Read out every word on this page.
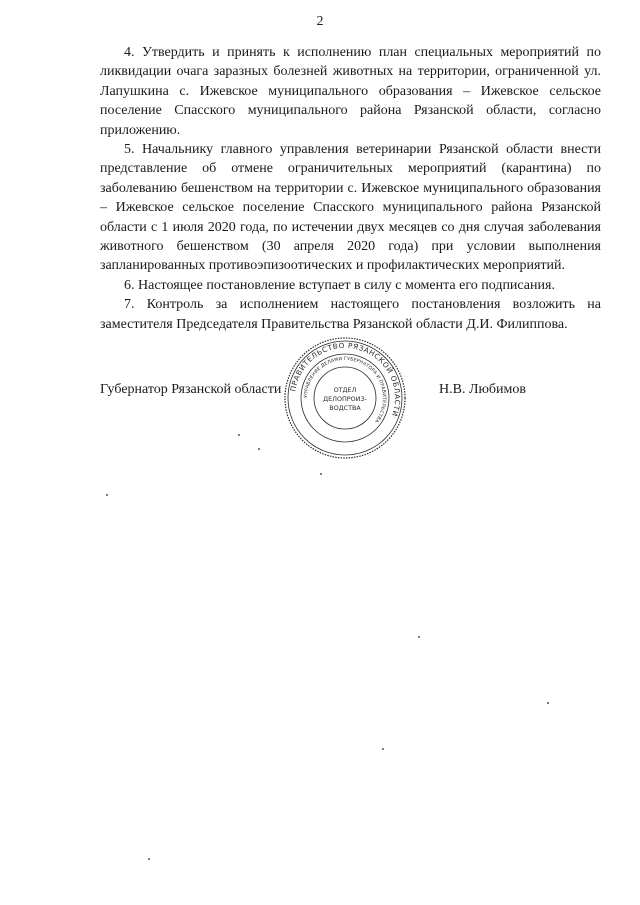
2

4. Утвердить и принять к исполнению план специальных мероприятий по ликвидации очага заразных болезней животных на территории, ограниченной ул. Лапушкина с. Ижевское муниципального образования – Ижевское сельское поселение Спасского муниципального района Рязанской области, согласно приложению.

5. Начальнику главного управления ветеринарии Рязанской области внести представление об отмене ограничительных мероприятий (карантина) по заболеванию бешенством на территории с. Ижевское муниципального образования – Ижевское сельское поселение Спасского муниципального района Рязанской области с 1 июля 2020 года, по истечении двух месяцев со дня случая заболевания животного бешенством (30 апреля 2020 года) при условии выполнения запланированных противоэпизоотических и профилактических мероприятий.

6. Настоящее постановление вступает в силу с момента его подписания.

7. Контроль за исполнением настоящего постановления возложить на заместителя Председателя Правительства Рязанской области Д.И. Филиппова.

Губернатор Рязанской области	Н.В. Любимов
ПРАВИТЕЛЬСТВО РЯЗАНСКОЙ ОБЛАСТИ
УПРАВЛЕНИЕ ДЕЛАМИ ГУБЕРНАТОРА И ПРАВИТЕЛЬСТВА
ОТДЕЛ
ДЕЛОПРОИЗ-
ВОДСТВА
